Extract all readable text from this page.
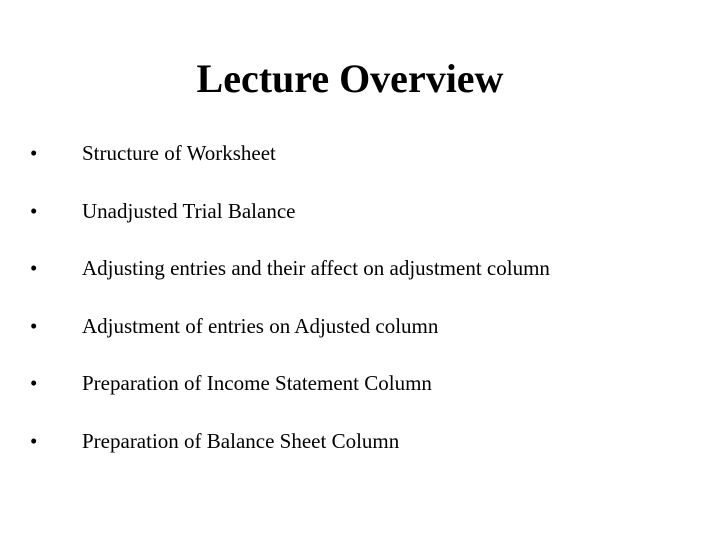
Lecture Overview
• Structure of Worksheet
• Unadjusted Trial Balance
• Adjusting entries and their affect on adjustment column
• Adjustment of entries on Adjusted column
• Preparation of Income Statement Column
• Preparation of Balance Sheet Column
